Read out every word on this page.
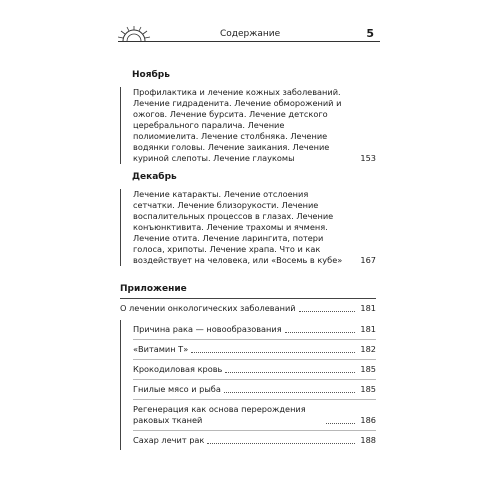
Содержание	5
Ноябрь
Профилактика и лечение кожных заболеваний. Лечение гидраденита. Лечение обморожений и ожогов. Лечение бурсита. Лечение детского церебрального паралича. Лечение полиомиелита. Лечение столбняка. Лечение водянки головы. Лечение заикания. Лечение куриной слепоты. Лечение глаукомы	153
Декабрь
Лечение катаракты. Лечение отслоения сетчатки. Лечение близорукости. Лечение воспалительных процессов в глазах. Лечение конъюнктивита. Лечение трахомы и ячменя. Лечение отита. Лечение ларингита, потери голоса, хрипоты. Лечение храпа. Что и как воздействует на человека, или «Восемь в кубе» 167
Приложение
О лечении онкологических заболеваний	181
Причина рака — новообразования	181
«Витамин Т»	182
Крокодиловая кровь	185
Гнилые мясо и рыба	185
Регенерация как основа перерождения раковых тканей	186
Сахар лечит рак	188
